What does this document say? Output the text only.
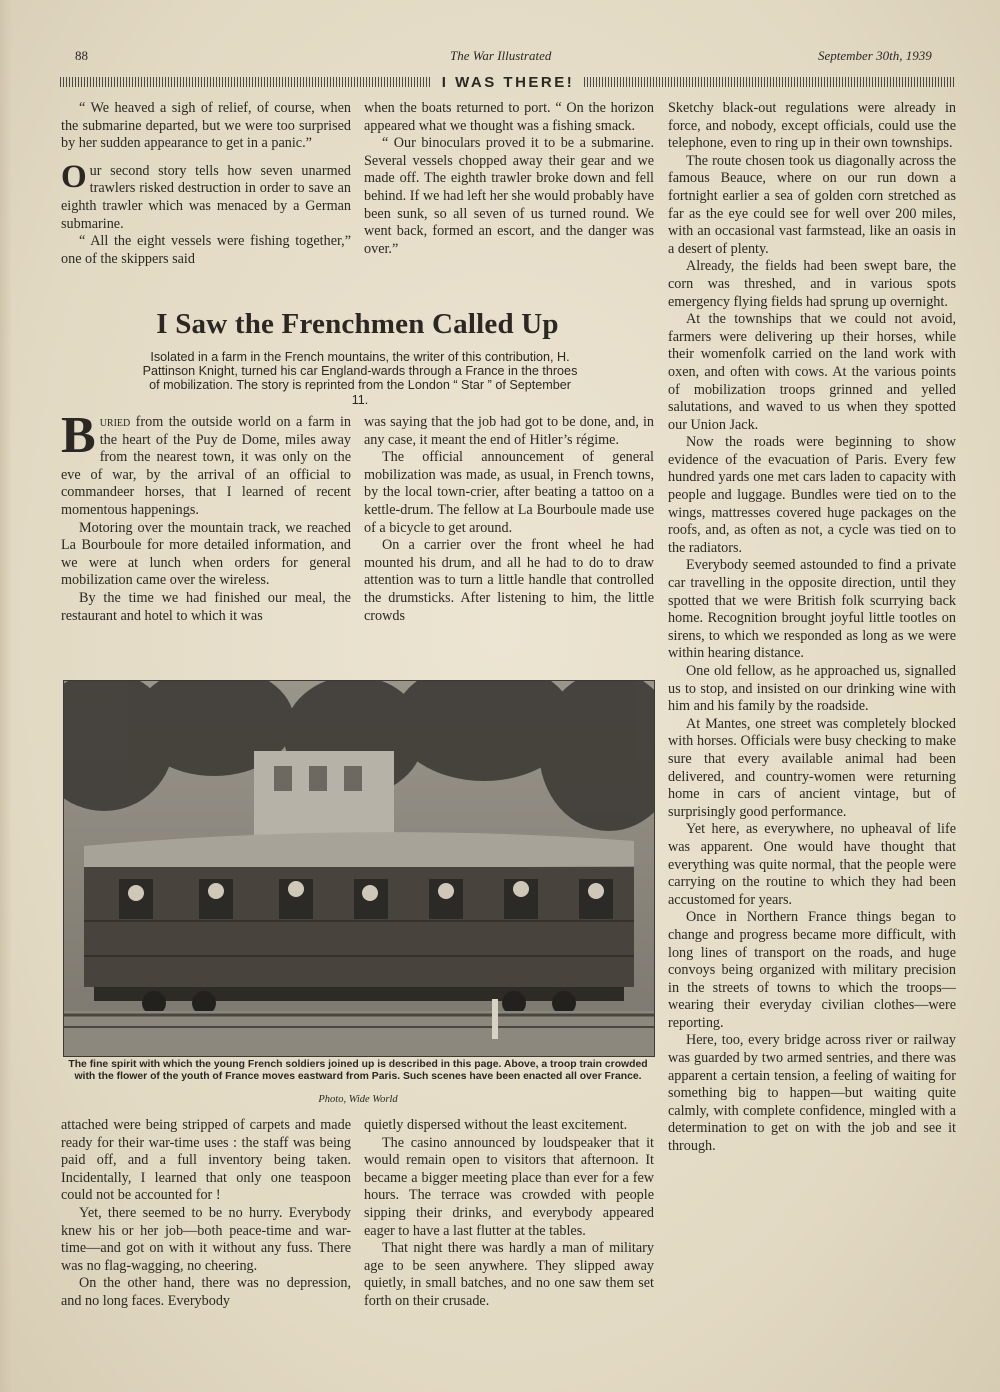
88	The War Illustrated	September 30th, 1939
I WAS THERE!

“ We heaved a sigh of relief, of course, when the submarine departed, but we were too surprised by her sudden appearance to get in a panic.”

Our second story tells how seven unarmed trawlers risked destruction in order to save an eighth trawler which was menaced by a German submarine.

“ All the eight vessels were fishing together,” one of the skippers said

when the boats returned to port. “ On the horizon appeared what we thought was a fishing smack.

“ Our binoculars proved it to be a submarine. Several vessels chopped away their gear and we made off. The eighth trawler broke down and fell behind. If we had left her she would probably have been sunk, so all seven of us turned round. We went back, formed an escort, and the danger was over.”

I Saw the Frenchmen Called Up

Isolated in a farm in the French mountains, the writer of this contribution, H. Pattinson Knight, turned his car England-wards through a France in the throes of mobilization. The story is reprinted from the London “ Star ” of September 11.

Buried from the outside world on a farm in the heart of the Puy de Dome, miles away from the nearest town, it was only on the eve of war, by the arrival of an official to commandeer horses, that I learned of recent momentous happenings.

Motoring over the mountain track, we reached La Bourboule for more detailed information, and we were at lunch when orders for general mobilization came over the wireless.

By the time we had finished our meal, the restaurant and hotel to which it was

was saying that the job had got to be done, and, in any case, it meant the end of Hitler’s régime.

The official announcement of general mobilization was made, as usual, in French towns, by the local town-crier, after beating a tattoo on a kettle-drum. The fellow at La Bourboule made use of a bicycle to get around.

On a carrier over the front wheel he had mounted his drum, and all he had to do to draw attention was to turn a little handle that controlled the drumsticks. After listening to him, the little crowds

Sketchy black-out regulations were already in force, and nobody, except officials, could use the telephone, even to ring up in their own townships.

The route chosen took us diagonally across the famous Beauce, where on our run down a fortnight earlier a sea of golden corn stretched as far as the eye could see for well over 200 miles, with an occasional vast farmstead, like an oasis in a desert of plenty.

Already, the fields had been swept bare, the corn was threshed, and in various spots emergency flying fields had sprung up overnight.

At the townships that we could not avoid, farmers were delivering up their horses, while their womenfolk carried on the land work with oxen, and often with cows. At the various points of mobilization troops grinned and yelled salutations, and waved to us when they spotted our Union Jack.

Now the roads were beginning to show evidence of the evacuation of Paris. Every few hundred yards one met cars laden to capacity with people and luggage. Bundles were tied on to the wings, mattresses covered huge packages on the roofs, and, as often as not, a cycle was tied on to the radiators.

Everybody seemed astounded to find a private car travelling in the opposite direction, until they spotted that we were British folk scurrying back home. Recognition brought joyful little tootles on sirens, to which we responded as long as we were within hearing distance.

One old fellow, as he approached us, signalled us to stop, and insisted on our drinking wine with him and his family by the roadside.

At Mantes, one street was completely blocked with horses. Officials were busy checking to make sure that every available animal had been delivered, and country-women were returning home in cars of ancient vintage, but of surprisingly good performance.

Yet here, as everywhere, no upheaval of life was apparent. One would have thought that everything was quite normal, that the people were carrying on the routine to which they had been accustomed for years.

Once in Northern France things began to change and progress became more difficult, with long lines of transport on the roads, and huge convoys being organized with military precision in the streets of towns to which the troops—wearing their everyday civilian clothes—were reporting.

Here, too, every bridge across river or railway was guarded by two armed sentries, and there was apparent a certain tension, a feeling of waiting for something big to happen—but waiting quite calmly, with complete confidence, mingled with a determination to get on with the job and see it through.

The fine spirit with which the young French soldiers joined up is described in this page. Above, a troop train crowded with the flower of the youth of France moves eastward from Paris. Such scenes have been enacted all over France.

Photo, Wide World

attached were being stripped of carpets and made ready for their war-time uses : the staff was being paid off, and a full inventory being taken. Incidentally, I learned that only one teaspoon could not be accounted for !

Yet, there seemed to be no hurry. Everybody knew his or her job—both peace-time and war-time—and got on with it without any fuss. There was no flag-wagging, no cheering.

On the other hand, there was no depression, and no long faces. Everybody

quietly dispersed without the least excitement.

The casino announced by loudspeaker that it would remain open to visitors that afternoon. It became a bigger meeting place than ever for a few hours. The terrace was crowded with people sipping their drinks, and everybody appeared eager to have a last flutter at the tables.

That night there was hardly a man of military age to be seen anywhere. They slipped away quietly, in small batches, and no one saw them set forth on their crusade.
